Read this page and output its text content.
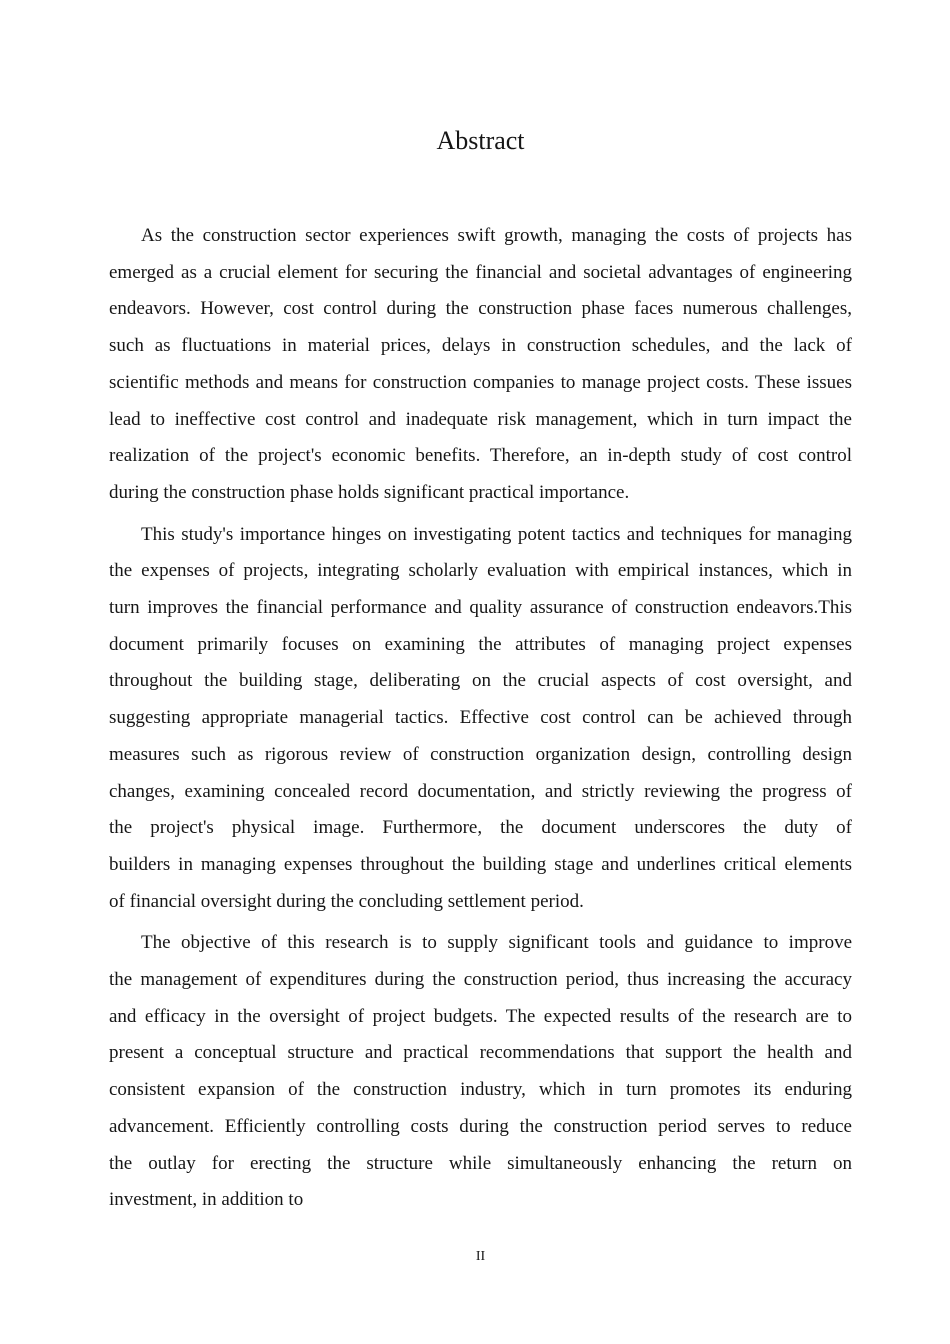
Abstract
As the construction sector experiences swift growth, managing the costs of projects has
emerged as a crucial element for securing the financial and societal advantages of engineering
endeavors. However, cost control during the construction phase faces numerous challenges,
such as fluctuations in material prices, delays in construction schedules, and the lack of
scientific methods and means for construction companies to manage project costs. These issues
lead to ineffective cost control and inadequate risk management, which in turn impact the
realization of the project's economic benefits. Therefore, an in-depth study of cost control
during the construction phase holds significant practical importance.
This study's importance hinges on investigating potent tactics and techniques for managing
the expenses of projects, integrating scholarly evaluation with empirical instances, which in
turn improves the financial performance and quality assurance of construction endeavors.This
document primarily focuses on examining the attributes of managing project expenses
throughout the building stage, deliberating on the crucial aspects of cost oversight, and
suggesting appropriate managerial tactics. Effective cost control can be achieved through
measures such as rigorous review of construction organization design, controlling design
changes, examining concealed record documentation, and strictly reviewing the progress of
the project's physical image. Furthermore, the document underscores the duty of
builders in managing expenses throughout the building stage and underlines critical elements
of financial oversight during the concluding settlement period.
The objective of this research is to supply significant tools and guidance to improve
the management of expenditures during the construction period, thus increasing the accuracy
and efficacy in the oversight of project budgets. The expected results of the research are to
present a conceptual structure and practical recommendations that support the health and
consistent expansion of the construction industry, which in turn promotes its enduring
advancement. Efficiently controlling costs during the construction period serves to reduce
the outlay for erecting the structure while simultaneously enhancing the return on
investment, in addition to
II
